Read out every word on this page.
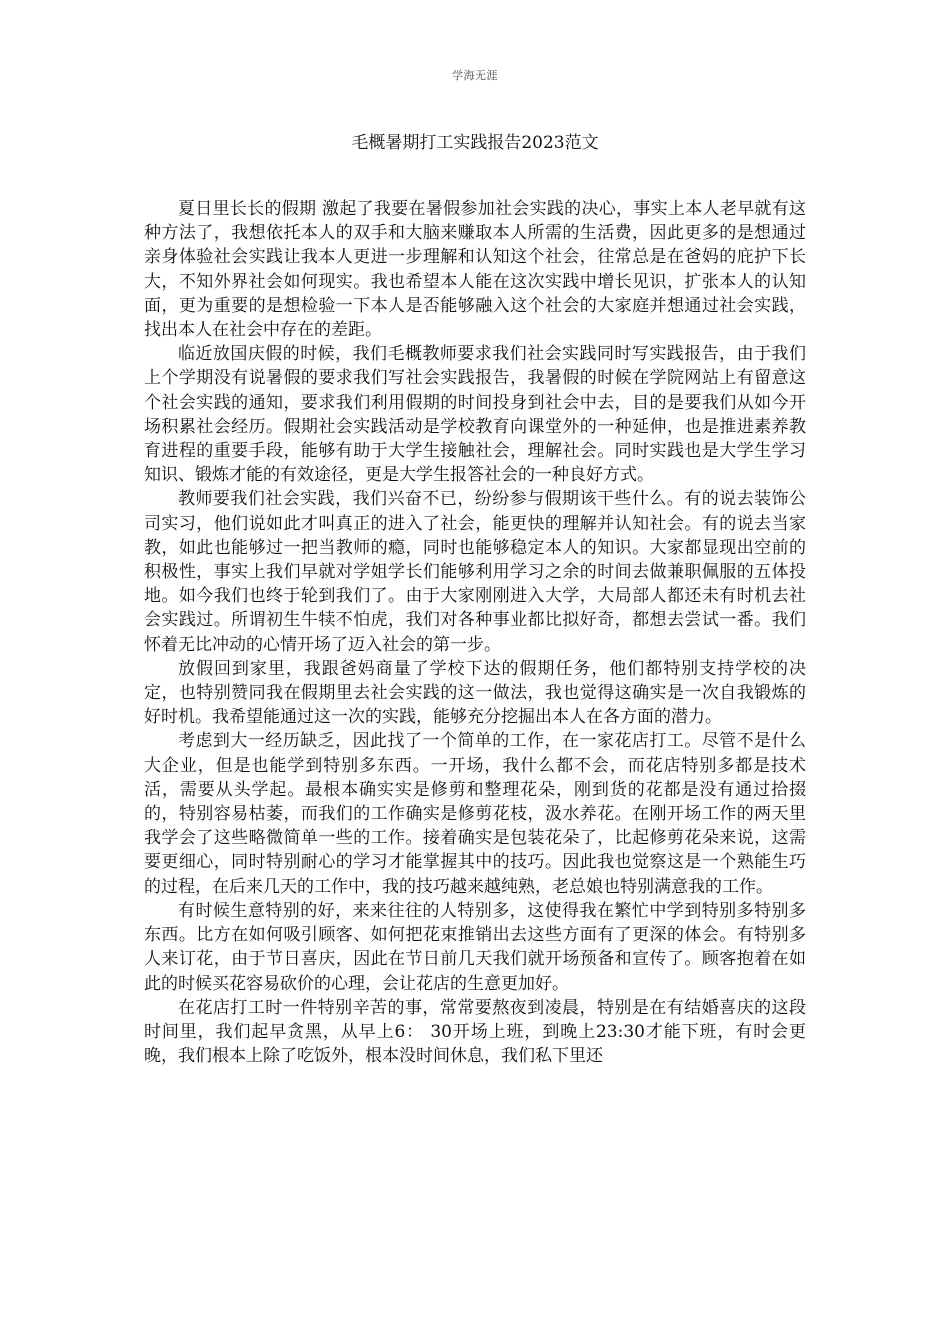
学海无涯
毛概暑期打工实践报告2023范文

夏日里长长的假期 激起了我要在暑假参加社会实践的决心，事实上本人老早就有这种方法了，我想依托本人的双手和大脑来赚取本人所需的生活费，因此更多的是想通过亲身体验社会实践让我本人更进一步理解和认知这个社会，往常总是在爸妈的庇护下长大，不知外界社会如何现实。我也希望本人能在这次实践中增长见识，扩张本人的认知面，更为重要的是想检验一下本人是否能够融入这个社会的大家庭并想通过社会实践，找出本人在社会中存在的差距。

临近放国庆假的时候，我们毛概教师要求我们社会实践同时写实践报告，由于我们上个学期没有说暑假的要求我们写社会实践报告，我暑假的时候在学院网站上有留意这个社会实践的通知，要求我们利用假期的时间投身到社会中去，目的是要我们从如今开场积累社会经历。假期社会实践活动是学校教育向课堂外的一种延伸，也是推进素养教育进程的重要手段，能够有助于大学生接触社会，理解社会。同时实践也是大学生学习知识、锻炼才能的有效途径，更是大学生报答社会的一种良好方式。

教师要我们社会实践，我们兴奋不已，纷纷参与假期该干些什么。有的说去装饰公司实习，他们说如此才叫真正的进入了社会，能更快的理解并认知社会。有的说去当家教，如此也能够过一把当教师的瘾，同时也能够稳定本人的知识。大家都显现出空前的积极性，事实上我们早就对学姐学长们能够利用学习之余的时间去做兼职佩服的五体投地。如今我们也终于轮到我们了。由于大家刚刚进入大学，大局部人都还未有时机去社会实践过。所谓初生牛犊不怕虎，我们对各种事业都比拟好奇，都想去尝试一番。我们怀着无比冲动的心情开场了迈入社会的第一步。

放假回到家里，我跟爸妈商量了学校下达的假期任务，他们都特别支持学校的决定，也特别赞同我在假期里去社会实践的这一做法，我也觉得这确实是一次自我锻炼的好时机。我希望能通过这一次的实践，能够充分挖掘出本人在各方面的潜力。

考虑到大一经历缺乏，因此找了一个简单的工作，在一家花店打工。尽管不是什么大企业，但是也能学到特别多东西。一开场，我什么都不会，而花店特别多都是技术活，需要从头学起。最根本确实实是修剪和整理花朵，刚到货的花都是没有通过拾掇的，特别容易枯萎，而我们的工作确实是修剪花枝，汲水养花。在刚开场工作的两天里我学会了这些略微简单一些的工作。接着确实是包装花朵了，比起修剪花朵来说，这需要更细心，同时特别耐心的学习才能掌握其中的技巧。因此我也觉察这是一个熟能生巧的过程，在后来几天的工作中，我的技巧越来越纯熟，老总娘也特别满意我的工作。

有时候生意特别的好，来来往往的人特别多，这使得我在繁忙中学到特别多特别多东西。比方在如何吸引顾客、如何把花束推销出去这些方面有了更深的体会。有特别多人来订花，由于节日喜庆，因此在节日前几天我们就开场预备和宣传了。顾客抱着在如此的时候买花容易砍价的心理，会让花店的生意更加好。

在花店打工时一件特别辛苦的事，常常要熬夜到凌晨，特别是在有结婚喜庆的这段时间里，我们起早贪黑，从早上6： 30开场上班，到晚上23:30才能下班，有时会更晚，我们根本上除了吃饭外，根本没时间休息，我们私下里还
